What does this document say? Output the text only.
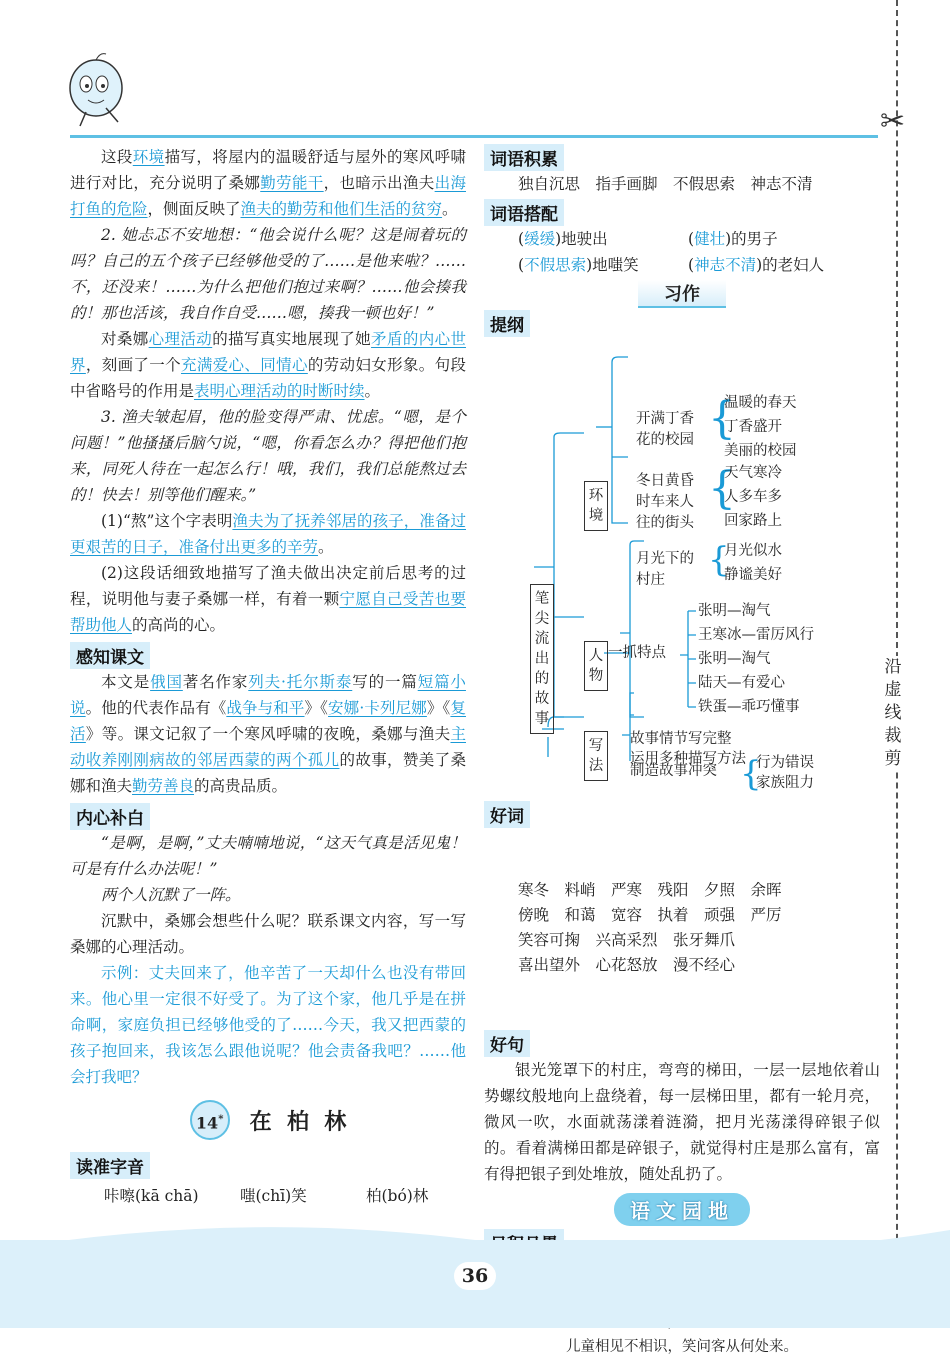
✂
沿虚线裁剪

这段环境描写，将屋内的温暖舒适与屋外的寒风呼啸进行对比，充分说明了桑娜勤劳能干，也暗示出渔夫出海打鱼的危险，侧面反映了渔夫的勤劳和他们生活的贫穷。

2. 她忐忑不安地想：“他会说什么呢？这是闹着玩的吗？自己的五个孩子已经够他受的了……是他来啦？……不，还没来！……为什么把他们抱过来啊？……他会揍我的！那也活该，我自作自受……嗯，揍我一顿也好！”

对桑娜心理活动的描写真实地展现了她矛盾的内心世界，刻画了一个充满爱心、同情心的劳动妇女形象。句段中省略号的作用是表明心理活动的时断时续。

3. 渔夫皱起眉，他的脸变得严肃、忧虑。“嗯，是个问题！”他搔搔后脑勺说，“嗯，你看怎么办？得把他们抱来，同死人待在一起怎么行！哦，我们，我们总能熬过去的！快去！别等他们醒来。”

(1)“熬”这个字表明渔夫为了抚养邻居的孩子，准备过更艰苦的日子，准备付出更多的辛劳。

(2)这段话细致地描写了渔夫做出决定前后思考的过程，说明他与妻子桑娜一样，有着一颗宁愿自己受苦也要帮助他人的高尚的心。

感知课文

本文是俄国著名作家列夫·托尔斯泰写的一篇短篇小说。他的代表作品有《战争与和平》《安娜·卡列尼娜》《复活》等。课文记叙了一个寒风呼啸的夜晚，桑娜与渔夫主动收养刚刚病故的邻居西蒙的两个孤儿的故事，赞美了桑娜和渔夫勤劳善良的高贵品质。

内心补白

“是啊，是啊，”丈夫喃喃地说，“这天气真是活见鬼！可是有什么办法呢！”

两个人沉默了一阵。

沉默中，桑娜会想些什么呢？联系课文内容，写一写桑娜的心理活动。

示例：丈夫回来了，他辛苦了一天却什么也没有带回来。他心里一定很不好受了。为了这个家，他几乎是在拼命啊，家庭负担已经够他受的了……今天，我又把西蒙的孩子抱回来，我该怎么跟他说呢？他会责备我吧？……他会打我吧？

14* 在  柏  林
读准字音
咔嚓(kā chā)	嗤(chī)笑	柏(bó)林
词语积累

独自沉思　指手画脚　不假思索　神志不清

词语搭配
(缓缓)地驶出	(健壮)的男子
(不假思索)地嗤笑	(神志不清)的老妇人
习作
提纲
笔尖流出的故事
环境
人物
写法
开满丁香花的校园 {
温暖的春天
丁香盛开
美丽的校园
冬日黄昏时车来人往的街头
{
天气寒冷
人多车多
回家路上
月光下的村庄	{
月光似水
静谧美好
一抓特点
张明—淘气
王寒冰—雷厉风行
张明—淘气
陆天—有爱心
铁蛋—乖巧懂事
故事情节写完整
运用多种描写方法
制造故事冲突 {
行为错误
家族阻力
好词

寒冬　料峭　严寒　残阳　夕照　余晖
傍晚　和蔼　宽容　执着　顽强　严厉
笑容可掬　兴高采烈　张牙舞爪
喜出望外　心花怒放　漫不经心

好句

银光笼罩下的村庄，弯弯的梯田，一层一层地依着山势螺纹般地向上盘绕着，每一层梯田里，都有一轮月亮，微风一吹，水面就荡漾着涟漪，把月光荡漾得碎银子似的。看着满梯田都是碎银子，就觉得村庄是那么富有，富有得把银子到处堆放，随处乱扔了。

语文园地
儿童相见不相识，笑问客从何处来。
36
